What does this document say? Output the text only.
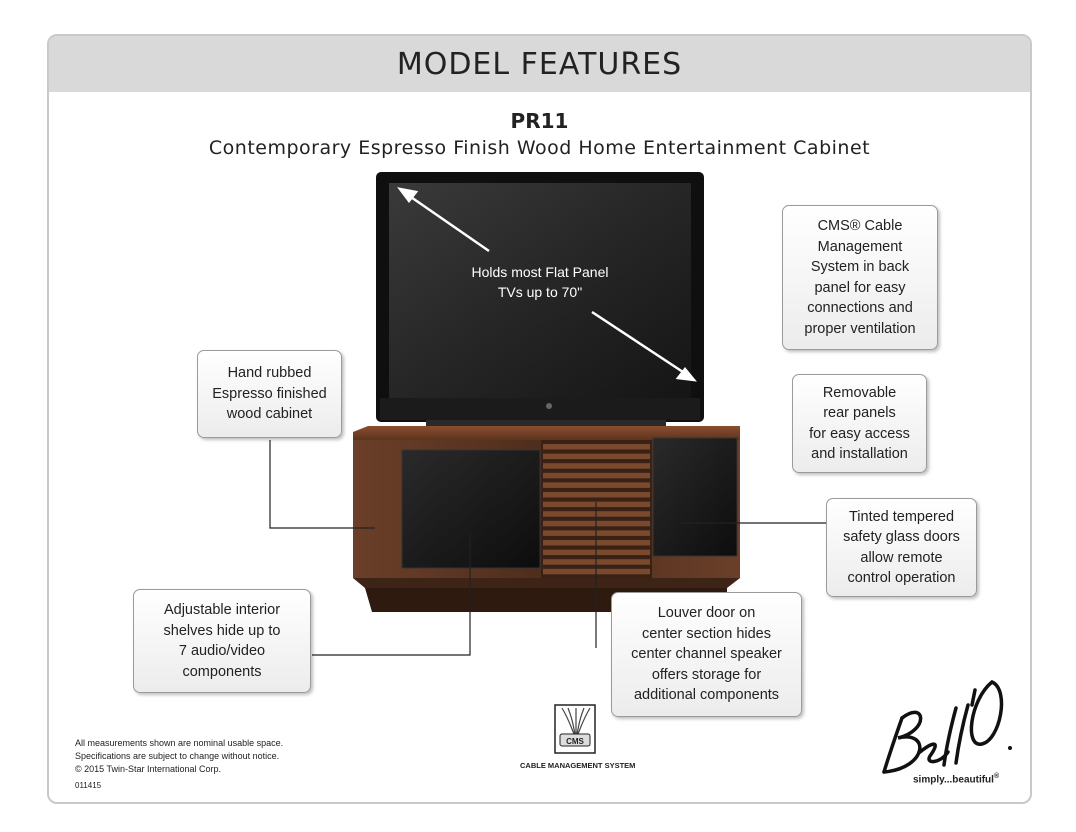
MODEL FEATURES
PR11
Contemporary Espresso Finish Wood Home Entertainment Cabinet
Holds most Flat Panel
TVs up to 70"
Hand rubbed
Espresso finished
wood cabinet
CMS® Cable
Management
System in back
panel for easy
connections and
proper ventilation
Removable
rear panels
for easy access
and installation
Tinted tempered
safety glass doors
allow remote
control operation
Adjustable interior
shelves hide up to
7 audio/video
components
Louver door on
center section hides
center channel speaker
offers storage for
additional components
All measurements shown are nominal usable space.
Specifications are subject to change without notice.
© 2015 Twin-Star International Corp.
011415
CMS
CABLE MANAGEMENT SYSTEM
simply...beautiful®
